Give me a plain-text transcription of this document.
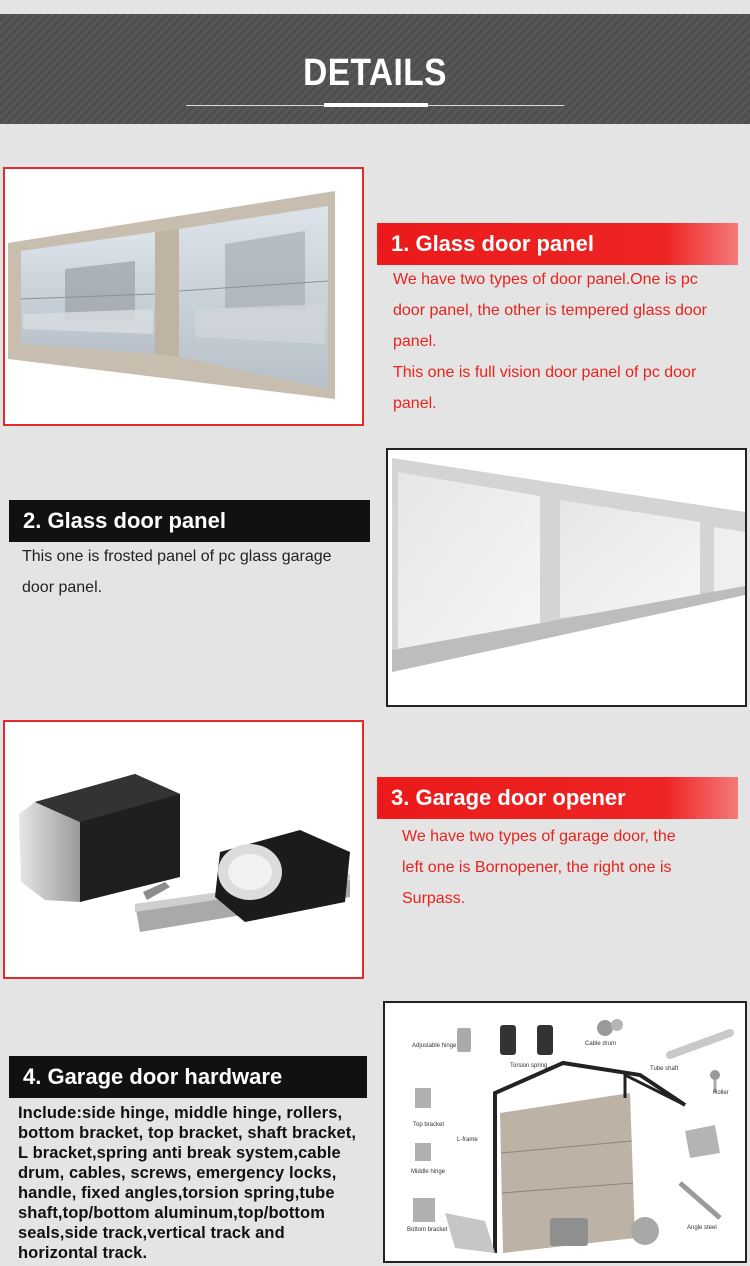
DETAILS
1. Glass door panel
We have two types of door panel.One is pc
door panel, the other is tempered glass door
panel.
This one is full vision door panel of pc door
panel.
2. Glass door panel
This one is frosted panel of pc glass garage
door panel.
3. Garage door opener
We have two types of garage door, the
left one is Bornopener, the right one is
Surpass.
4. Garage door hardware
Include:side hinge, middle hinge, rollers,
bottom bracket, top bracket, shaft bracket,
L bracket,spring anti break system,cable
drum, cables, screws, emergency locks,
handle, fixed angles,torsion spring,tube
shaft,top/bottom aluminum,top/bottom
seals,side track,vertical track and
horizontal track.
Adjustable hinge
Torsion spring
Cable drum
Tube shaft
Roller
Top bracket
L-frame
Middle hinge
Bottom bracket	Angle steel
